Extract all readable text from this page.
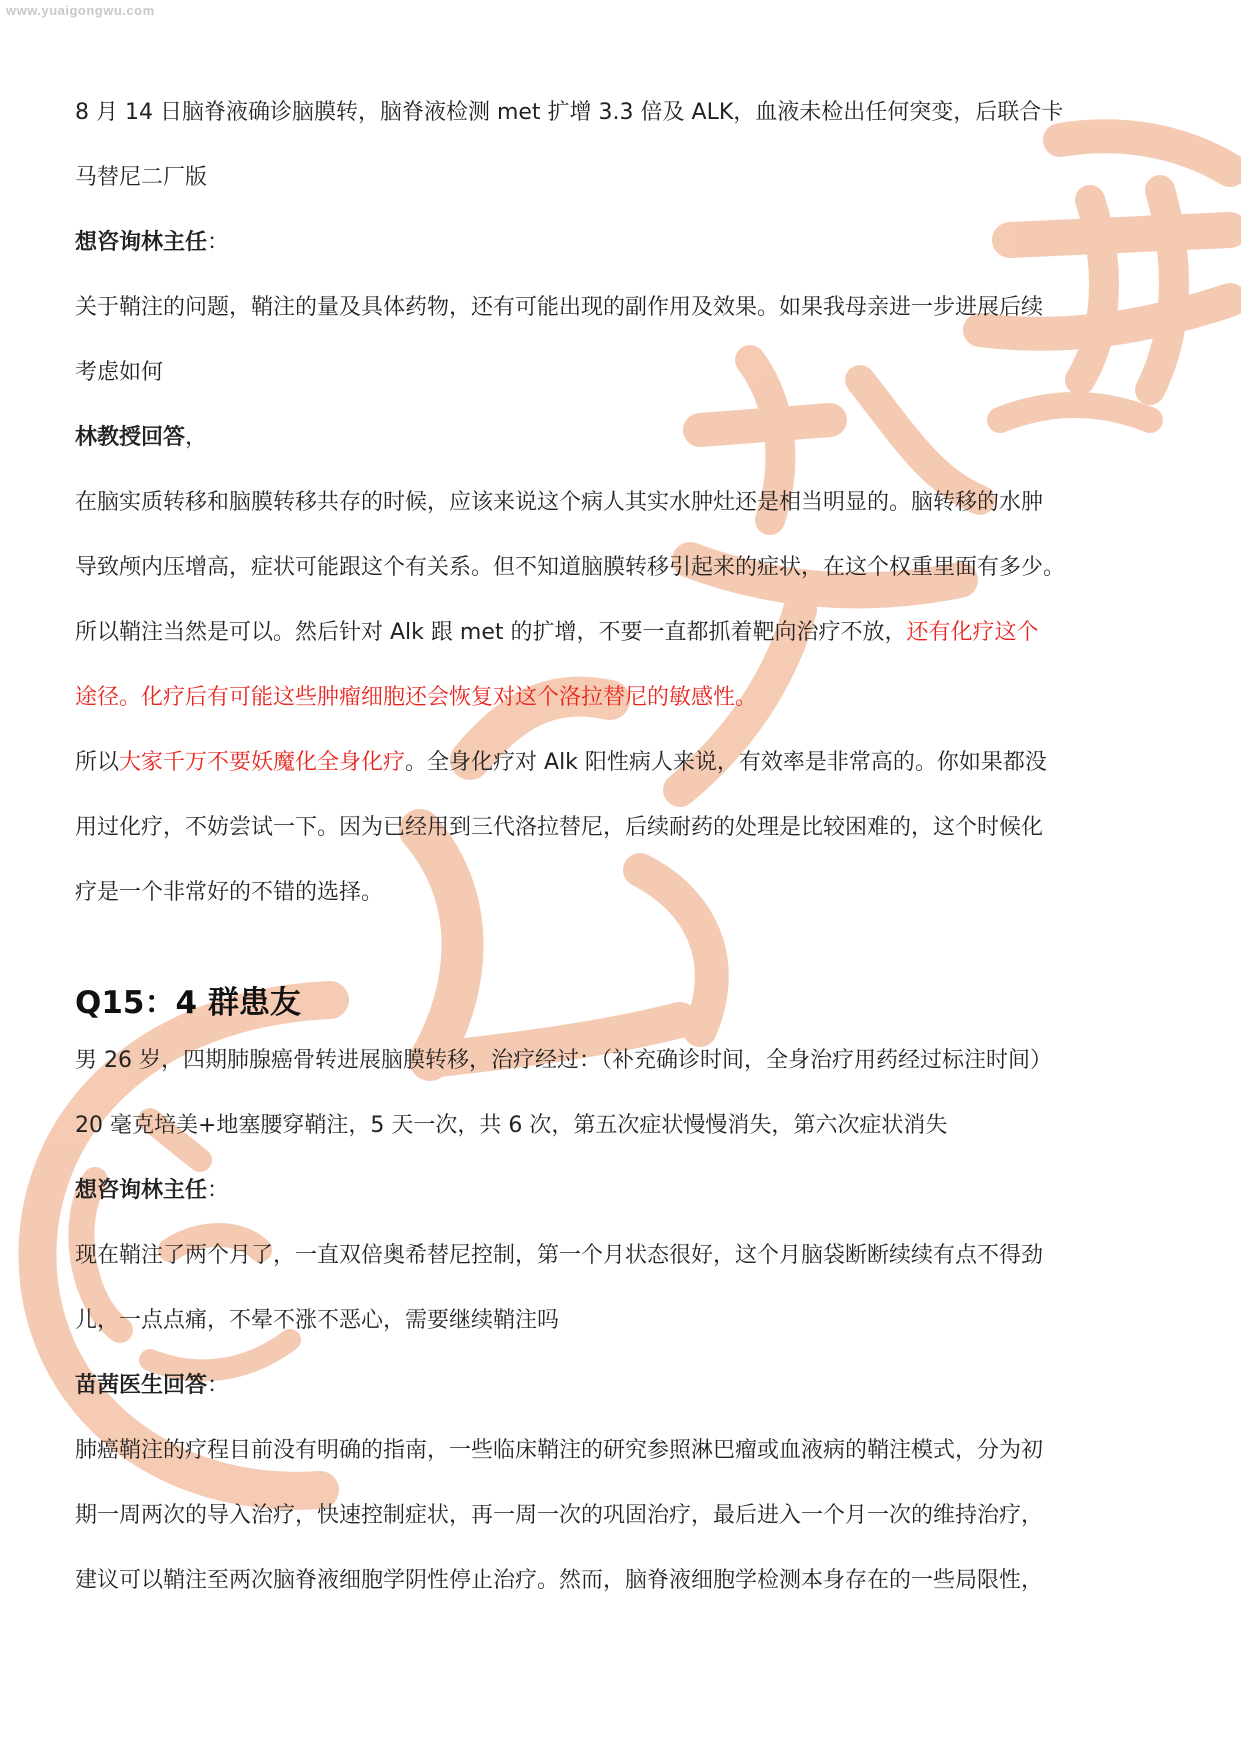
www.yuaigongwu.com
8 月 14 日脑脊液确诊脑膜转，脑脊液检测 met 扩增 3.3 倍及 ALK，血液未检出任何突变，后联合卡
马替尼二厂版
想咨询林主任：
关于鞘注的问题，鞘注的量及具体药物，还有可能出现的副作用及效果。如果我母亲进一步进展后续
考虑如何
林教授回答，
在脑实质转移和脑膜转移共存的时候，应该来说这个病人其实水肿灶还是相当明显的。脑转移的水肿
导致颅内压增高，症状可能跟这个有关系。但不知道脑膜转移引起来的症状，在这个权重里面有多少。
所以鞘注当然是可以。然后针对 Alk 跟 met 的扩增，不要一直都抓着靶向治疗不放，还有化疗这个
途径。化疗后有可能这些肿瘤细胞还会恢复对这个洛拉替尼的敏感性。
所以大家千万不要妖魔化全身化疗。全身化疗对 Alk 阳性病人来说，有效率是非常高的。你如果都没
用过化疗，不妨尝试一下。因为已经用到三代洛拉替尼，后续耐药的处理是比较困难的，这个时候化
疗是一个非常好的不错的选择。
Q15：4 群患友
男 26 岁，四期肺腺癌骨转进展脑膜转移，治疗经过：（补充确诊时间，全身治疗用药经过标注时间）
20 毫克培美+地塞腰穿鞘注，5 天一次，共 6 次，第五次症状慢慢消失，第六次症状消失
想咨询林主任：
现在鞘注了两个月了，一直双倍奥希替尼控制，第一个月状态很好，这个月脑袋断断续续有点不得劲
儿，一点点痛，不晕不涨不恶心，需要继续鞘注吗
苗茜医生回答：
肺癌鞘注的疗程目前没有明确的指南，一些临床鞘注的研究参照淋巴瘤或血液病的鞘注模式，分为初
期一周两次的导入治疗，快速控制症状，再一周一次的巩固治疗，最后进入一个月一次的维持治疗，
建议可以鞘注至两次脑脊液细胞学阴性停止治疗。然而，脑脊液细胞学检测本身存在的一些局限性，
